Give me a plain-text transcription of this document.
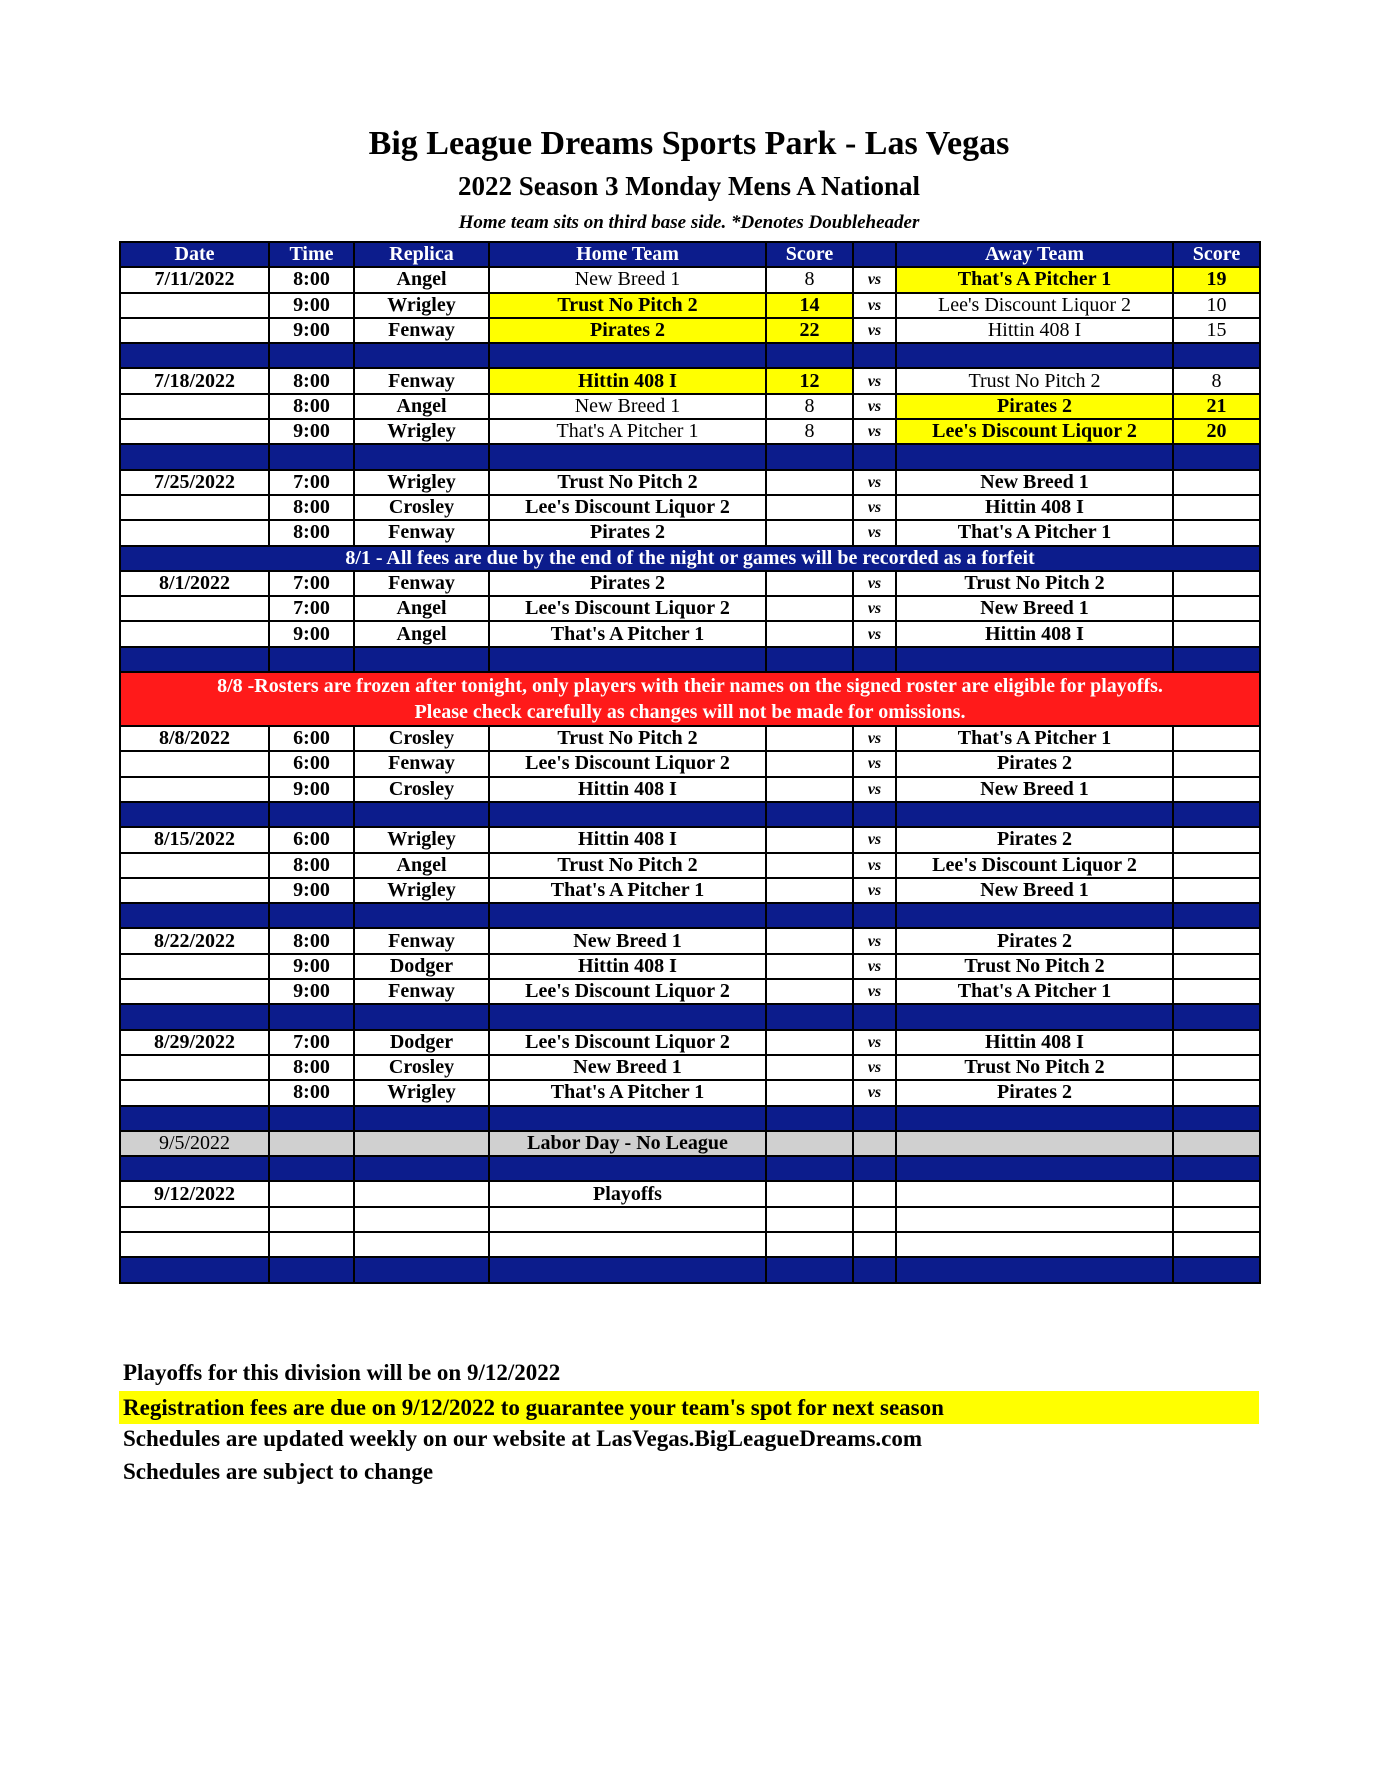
Big League Dreams Sports Park - Las Vegas
2022 Season 3 Monday Mens A National
Home team sits on third base side. *Denotes Doubleheader
Date	Time	Replica	Home Team	Score		Away Team	Score
7/11/2022	8:00	Angel	New Breed 1	8	vs	That's A Pitcher 1	19
	9:00	Wrigley	Trust No Pitch 2	14	vs	Lee's Discount Liquor 2	10
	9:00	Fenway	Pirates 2	22	vs	Hittin 408 I	15

7/18/2022	8:00	Fenway	Hittin 408 I	12	vs	Trust No Pitch 2	8
	8:00	Angel	New Breed 1	8	vs	Pirates 2	21
	9:00	Wrigley	That's A Pitcher 1	8	vs	Lee's Discount Liquor 2	20

7/25/2022	7:00	Wrigley	Trust No Pitch 2		vs	New Breed 1	
	8:00	Crosley	Lee's Discount Liquor 2		vs	Hittin 408 I	
	8:00	Fenway	Pirates 2		vs	That's A Pitcher 1	
8/1 - All fees are due by the end of the night or games will be recorded as a forfeit							
8/1/2022	7:00	Fenway	Pirates 2		vs	Trust No Pitch 2	
	7:00	Angel	Lee's Discount Liquor 2		vs	New Breed 1	
	9:00	Angel	That's A Pitcher 1		vs	Hittin 408 I	

8/8 -Rosters are frozen after tonight, only players with their names on the signed roster are eligible for playoffs.
Please check carefully as changes will not be made for omissions.							

8/8/2022	6:00	Crosley	Trust No Pitch 2		vs	That's A Pitcher 1	
	6:00	Fenway	Lee's Discount Liquor 2		vs	Pirates 2	
	9:00	Crosley	Hittin 408 I		vs	New Breed 1	

8/15/2022	6:00	Wrigley	Hittin 408 I		vs	Pirates 2	
	8:00	Angel	Trust No Pitch 2		vs	Lee's Discount Liquor 2	
	9:00	Wrigley	That's A Pitcher 1		vs	New Breed 1	

8/22/2022	8:00	Fenway	New Breed 1		vs	Pirates 2	
	9:00	Dodger	Hittin 408 I		vs	Trust No Pitch 2	
	9:00	Fenway	Lee's Discount Liquor 2		vs	That's A Pitcher 1	

8/29/2022	7:00	Dodger	Lee's Discount Liquor 2		vs	Hittin 408 I	
	8:00	Crosley	New Breed 1		vs	Trust No Pitch 2	
	8:00	Wrigley	That's A Pitcher 1		vs	Pirates 2	

9/5/2022			Labor Day - No League				

9/12/2022			Playoffs				

Playoffs for this division will be on 9/12/2022
Registration fees are due on 9/12/2022 to guarantee your team's spot for next season
Schedules are updated weekly on our website at LasVegas.BigLeagueDreams.com
Schedules are subject to change
